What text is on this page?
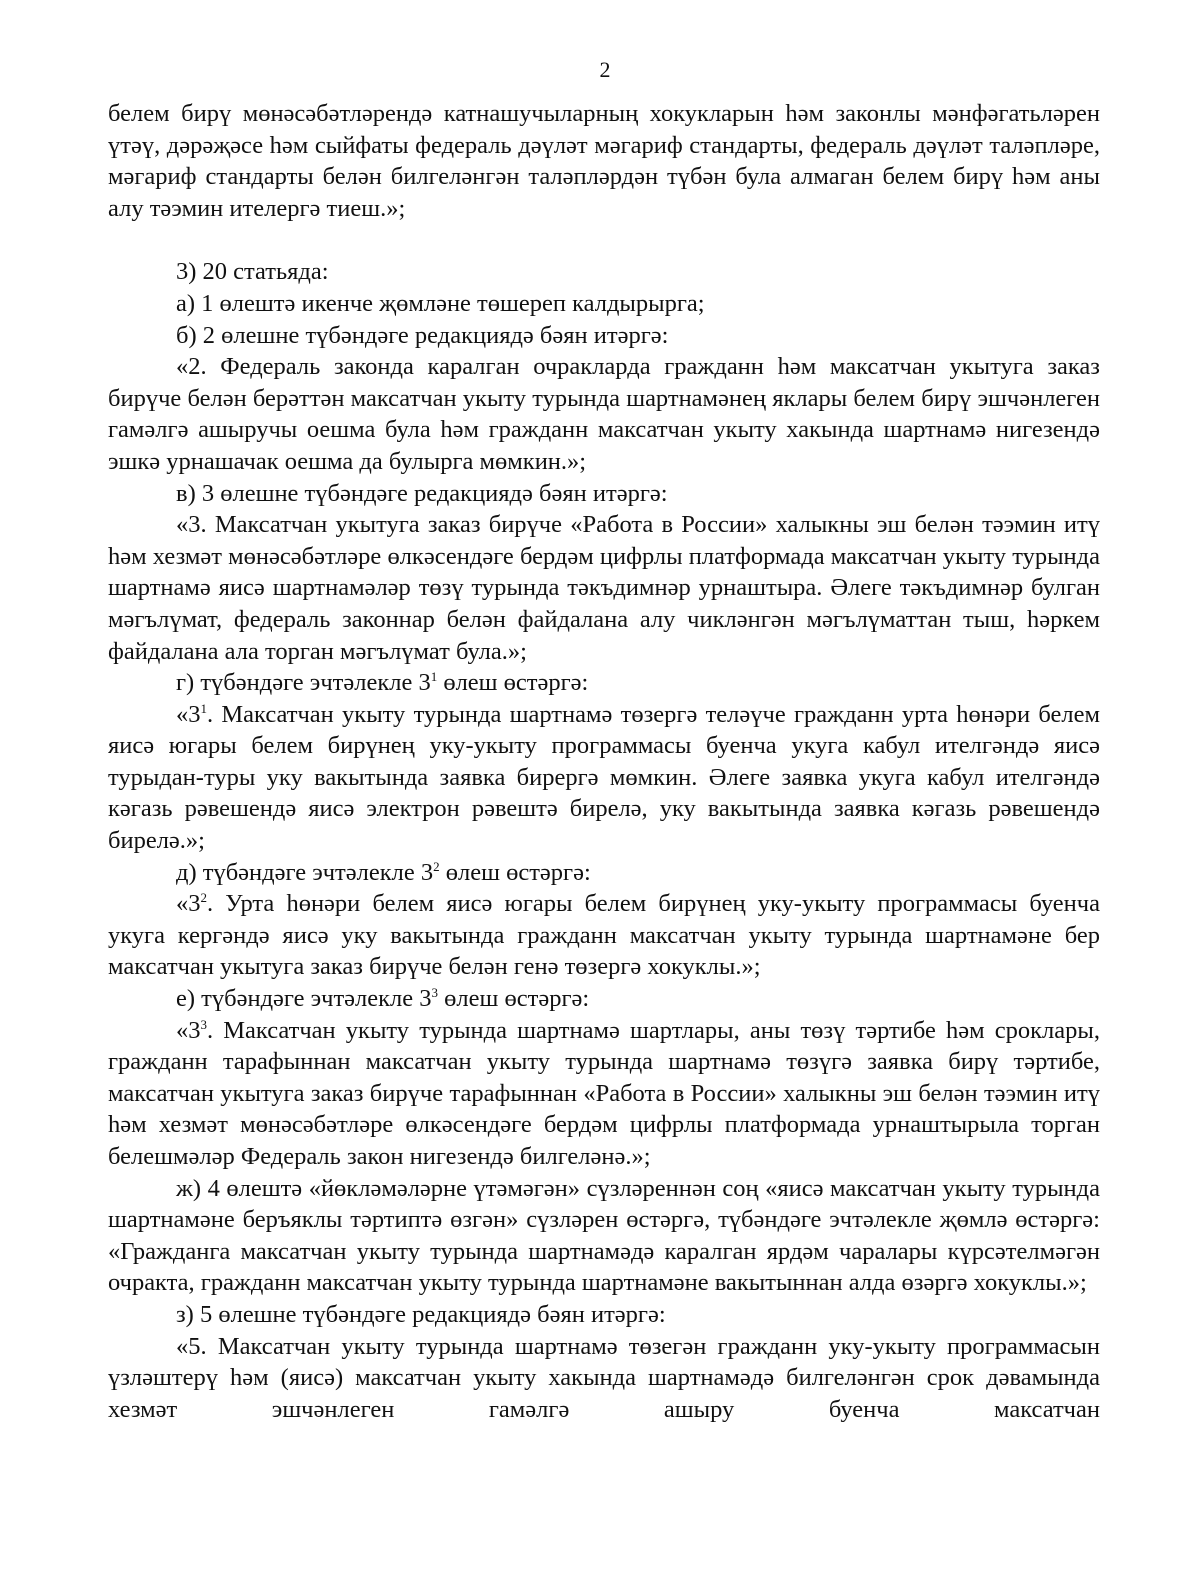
2

белем бирү мөнәсәбәтләрендә катнашучыларның хокукларын һәм законлы мәнфәгатьләрен үтәү, дәрәҗәсе һәм сыйфаты федераль дәүләт мәгариф стандарты, федераль дәүләт таләпләре, мәгариф стандарты белән билгеләнгән таләпләрдән түбән була алмаган белем бирү һәм аны алу тәэмин ителергә тиеш.»;

3) 20 статьяда:

а) 1 өлештә икенче җөмләне төшереп калдырырга;

б) 2 өлешне түбәндәге редакциядә бәян итәргә:

«2. Федераль законда каралган очракларда гражданн һәм максатчан укытуга заказ бирүче белән берәттән максатчан укыту турында шартнамәнең яклары белем бирү эшчәнлеген гамәлгә ашыручы оешма була һәм гражданн максатчан укыту хакында шартнамә нигезендә эшкә урнашачак оешма да булырга мөмкин.»;

в) 3 өлешне түбәндәге редакциядә бәян итәргә:

«3. Максатчан укытуга заказ бирүче «Работа в России» халыкны эш белән тәэмин итү һәм хезмәт мөнәсәбәтләре өлкәсендәге бердәм цифрлы платформада максатчан укыту турында шартнамә яисә шартнамәләр төзү турында тәкъдимнәр урнаштыра. Әлеге тәкъдимнәр булган мәгълүмат, федераль законнар белән файдалана алу чикләнгән мәгълүматтан тыш, һәркем файдалана ала торган мәгълүмат була.»;

г) түбәндәге эчтәлекле $3^1$ өлеш өстәргә:

«$3^1$. Максатчан укыту турында шартнамә төзергә теләүче гражданн урта һөнәри белем яисә югары белем бирүнең уку-укыту программасы буенча укуга кабул ителгәндә яисә турыдан-туры уку вакытында заявка бирергә мөмкин. Әлеге заявка укуга кабул ителгәндә кәгазь рәвешендә яисә электрон рәвештә бирелә, уку вакытында заявка кәгазь рәвешендә бирелә.»;

д) түбәндәге эчтәлекле $3^2$ өлеш өстәргә:

«$3^2$. Урта һөнәри белем яисә югары белем бирүнең уку-укыту программасы буенча укуга кергәндә яисә уку вакытында гражданн максатчан укыту турында шартнамәне бер максатчан укытуга заказ бирүче белән генә төзергә хокуклы.»;

е) түбәндәге эчтәлекле $3^3$ өлеш өстәргә:

«$3^3$. Максатчан укыту турында шартнамә шартлары, аны төзү тәртибе һәм сроклары, гражданн тарафыннан максатчан укыту турында шартнамә төзүгә заявка бирү тәртибе, максатчан укытуга заказ бирүче тарафыннан «Работа в России» халыкны эш белән тәэмин итү һәм хезмәт мөнәсәбәтләре өлкәсендәге бердәм цифрлы платформада урнаштырыла торган белешмәләр Федераль закон нигезендә билгеләнә.»;

ж) 4 өлештә «йөкләмәләрне үтәмәгән» сүзләреннән соң «яисә максатчан укыту турында шартнамәне беръяклы тәртиптә өзгән» сүзләрен өстәргә, түбәндәге эчтәлекле җөмлә өстәргә: «Гражданга максатчан укыту турында шартнамәдә каралган ярдәм чаралары күрсәтелмәгән очракта, гражданн максатчан укыту турында шартнамәне вакытыннан алда өзәргә хокуклы.»;

з) 5 өлешне түбәндәге редакциядә бәян итәргә:

«5. Максатчан укыту турында шартнамә төзегән гражданн уку-укыту программасын үзләштерү һәм (яисә) максатчан укыту хакында шартнамәдә билгеләнгән срок дәвамында хезмәт эшчәнлеген гамәлгә ашыру буенча максатчан
